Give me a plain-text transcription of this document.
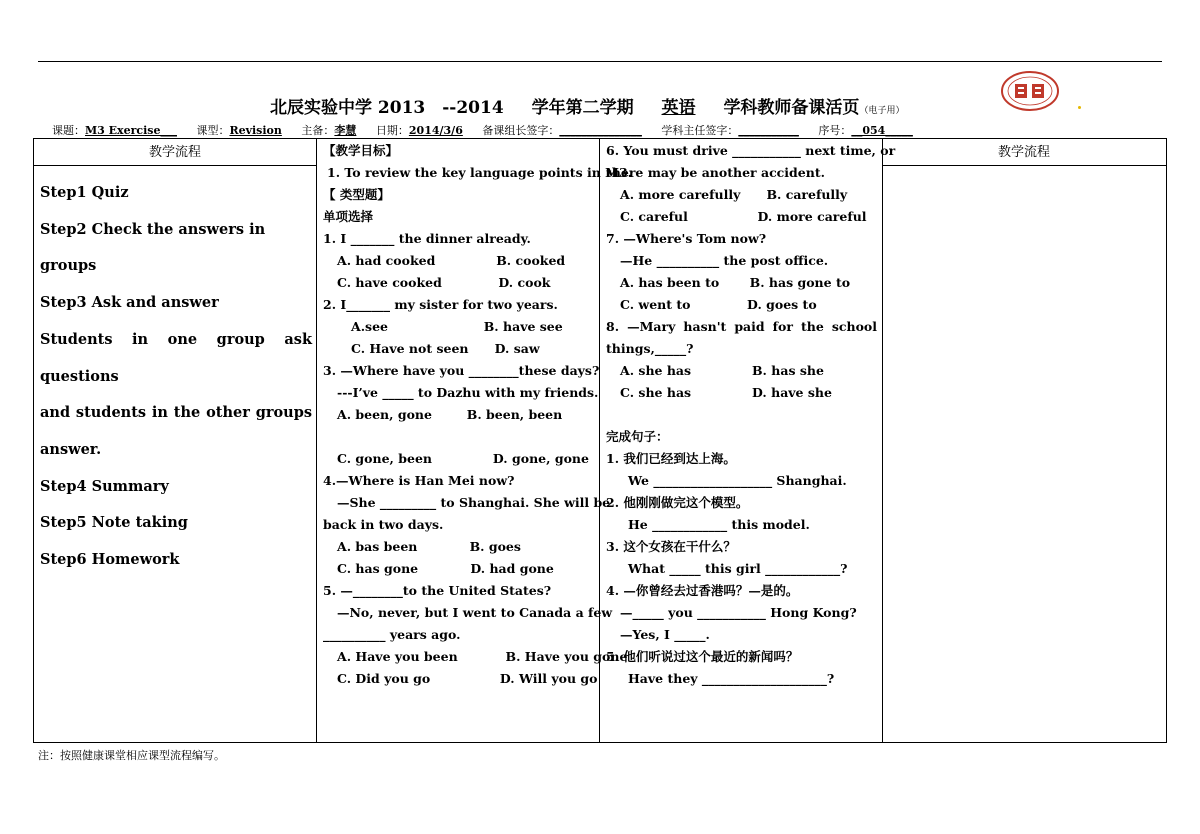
北辰实验中学 2013　--2014 学年第二学期 英语 学科教师备课活页（电子用）
课题：M3 Exercise___ 课型：Revision 主备：李慧 日期：2014/3/6 备课组长签字：_______________ 学科主任签字：___________ 序号：__054_____
教学流程

Step1 Quiz

Step2 Check the answers in groups

Step3 Ask and answer

Students in one group ask questions

and students in the other groups

answer.

Step4 Summary

Step5 Note taking

Step6 Homework

【教学目标】

1. To review the key language points in M3.

【 类型题】

单项选择

1. I _______ the dinner already.

A. had cooked              B. cooked

C. have cooked             D. cook

2. I_______ my sister for two years.

A.see                      B. have see

C. Have not seen      D. saw

3. —Where have you ________these days?

---I’ve _____ to Dazhu with my friends.

A. been, gone        B. been, been

C. gone, been              D. gone, gone

4.—Where is Han Mei now?

—She _________ to Shanghai. She will be

back in two days.

A. bas been            B. goes

C. has gone            D. had gone

5. —________to the United States?

—No, never, but I went to Canada a few

__________ years ago.

A. Have you been           B. Have you gone

C. Did you go                D. Will you go

6. You must drive ___________ next time, or

there may be another accident.

A. more carefully      B. carefully

C. careful                D. more careful

7. —Where's Tom now?

—He __________ the post office.

A. has been to       B. has gone to

C. went to             D. goes to

8. —Mary hasn't paid for the school

things,_____?

A. she has              B. has she

C. she has              D. have she

完成句子：

1. 我们已经到达上海。

We ___________________ Shanghai.

2. 他刚刚做完这个模型。

He ____________ this model.

3. 这个女孩在干什么？

What _____ this girl ____________?

4. —你曾经去过香港吗？—是的。

—_____ you ___________ Hong Kong?

—Yes, I _____.

5. 他们听说过这个最近的新闻吗？

Have they ____________________?

教学流程
注：按照健康课堂相应课型流程编写。
